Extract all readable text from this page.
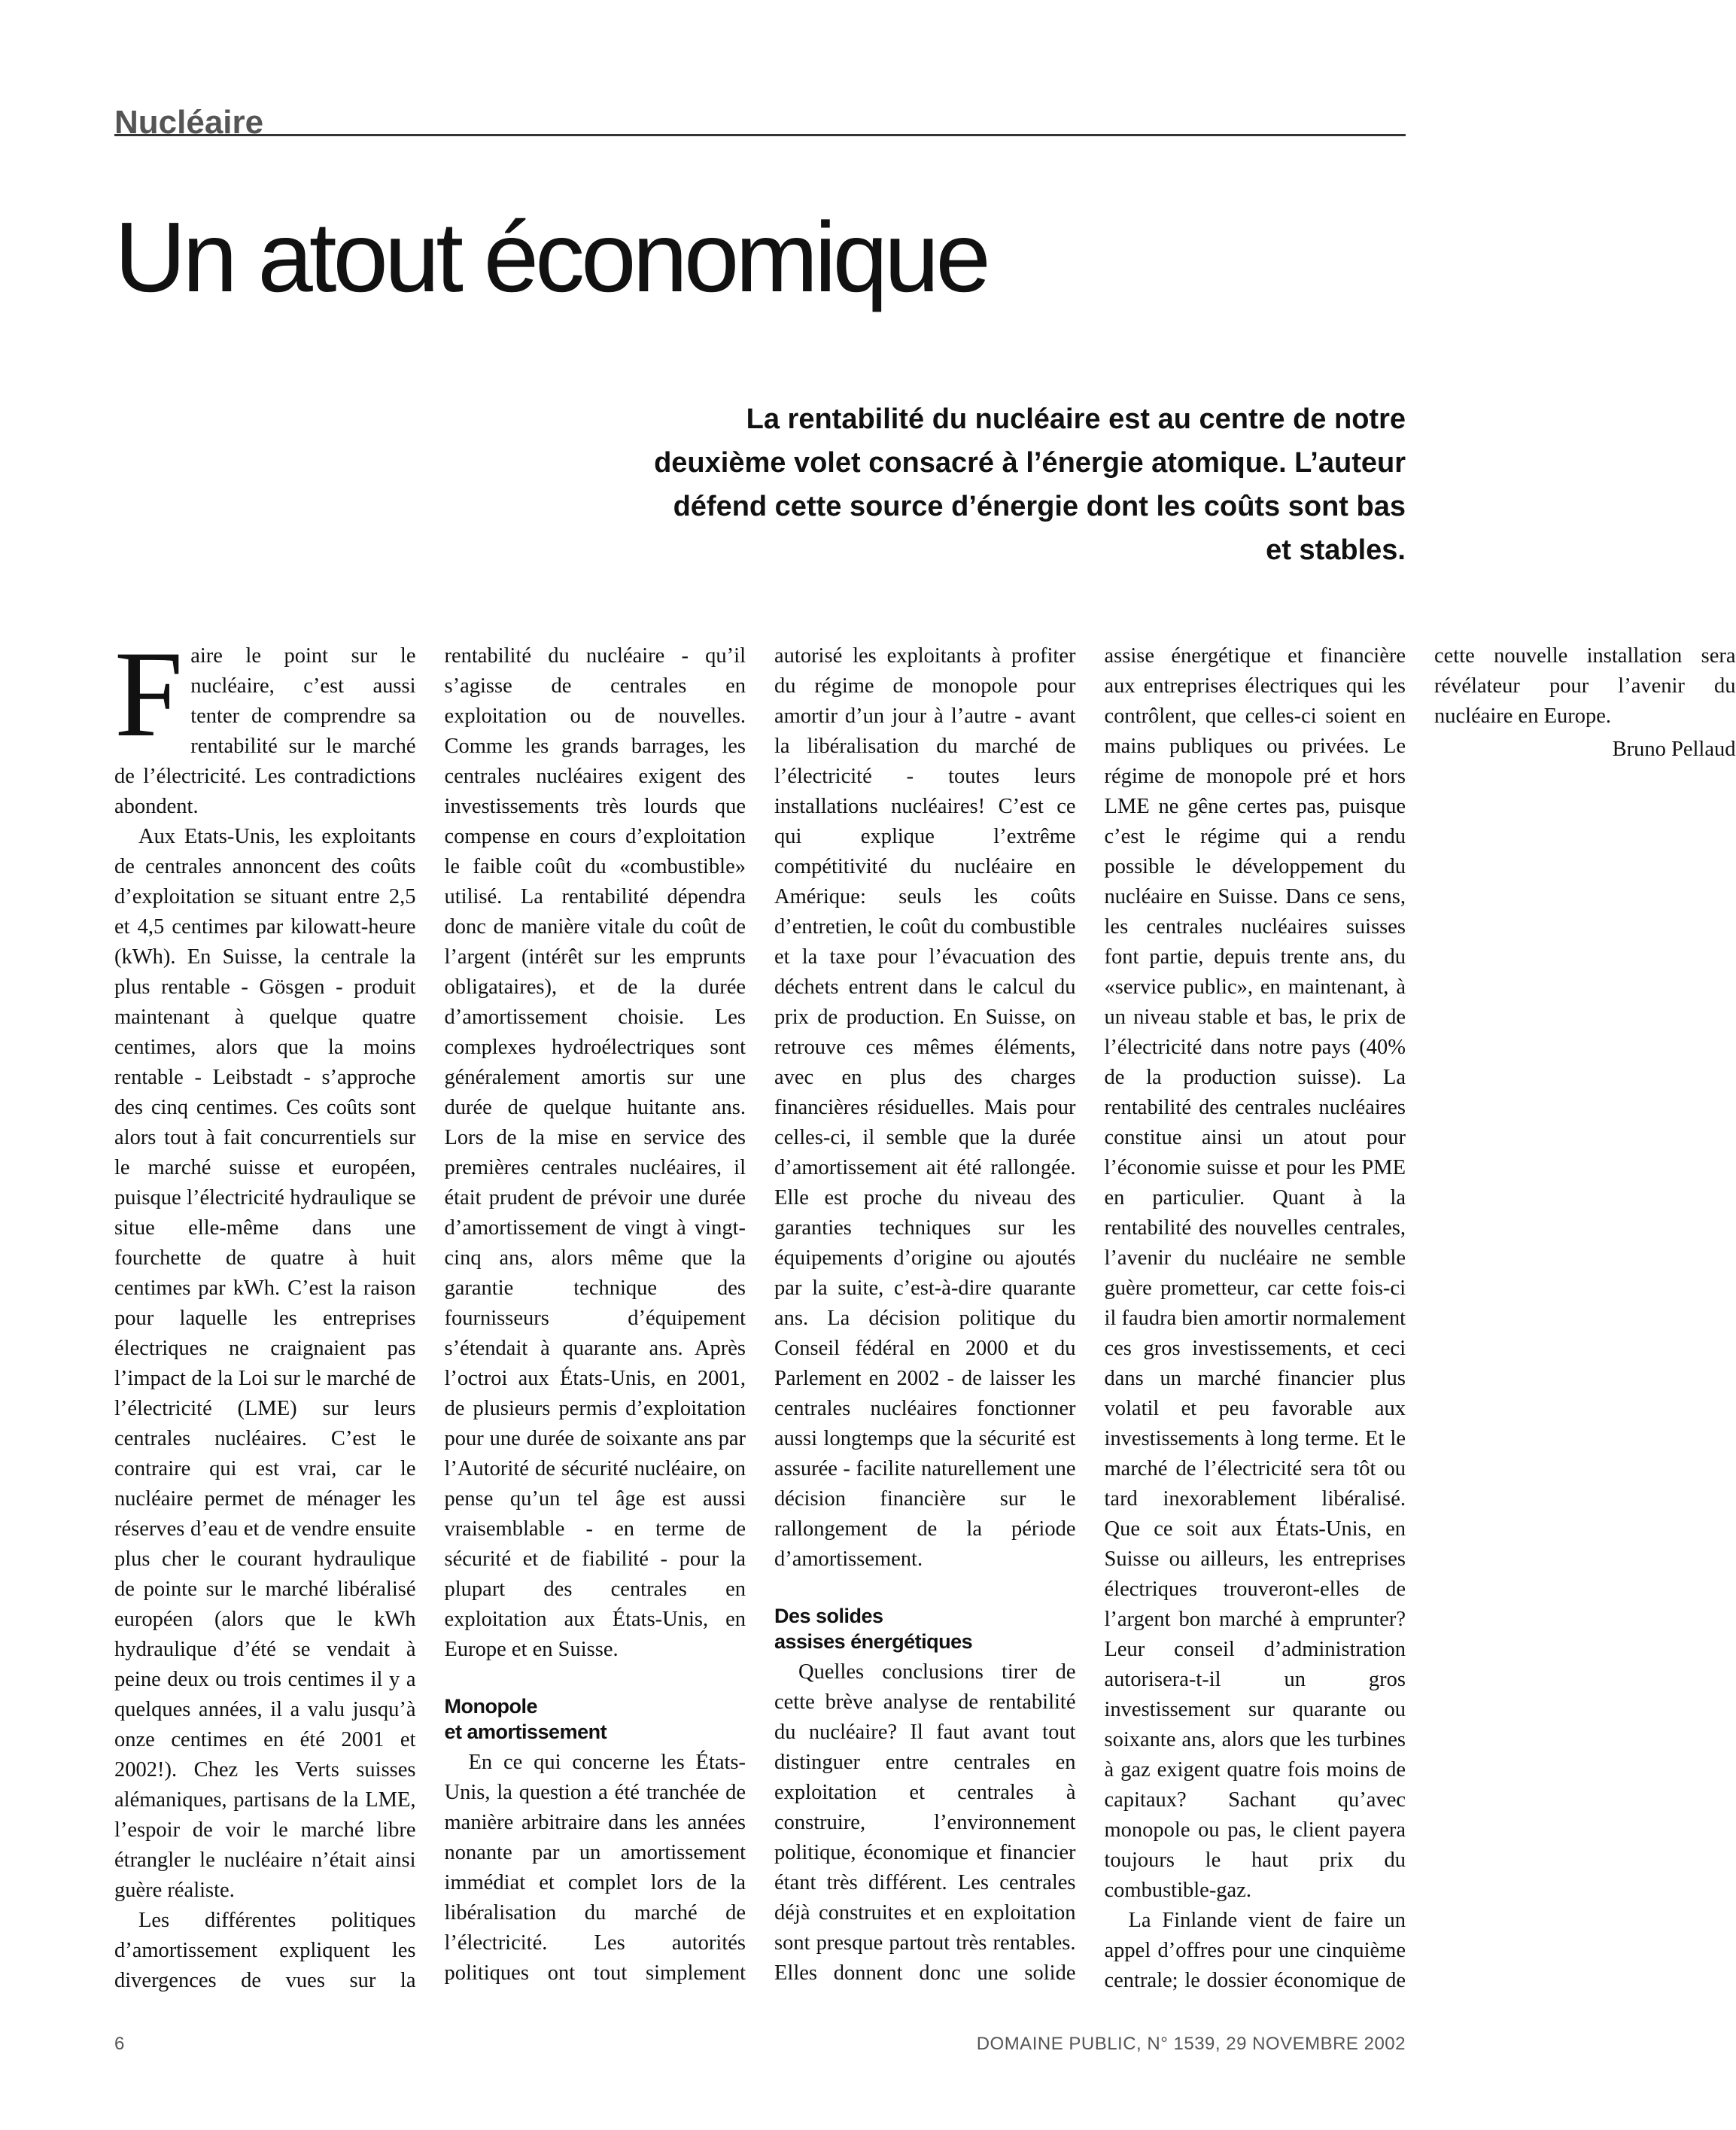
Nucléaire
Un atout économique

La rentabilité du nucléaire est au centre de notre deuxième volet consacré à l’énergie atomique. L’auteur défend cette source d’énergie dont les coûts sont bas et stables.

Faire le point sur le nucléaire, c’est aussi tenter de comprendre sa rentabilité sur le marché de l’électricité. Les contradictions abondent.

Aux Etats-Unis, les exploitants de centrales annoncent des coûts d’exploitation se situant entre 2,5 et 4,5 centimes par kilowatt-heure (kWh). En Suisse, la centrale la plus rentable - Gösgen - produit maintenant à quelque quatre centimes, alors que la moins rentable - Leibstadt - s’approche des cinq centimes. Ces coûts sont alors tout à fait concurrentiels sur le marché suisse et européen, puisque l’électricité hydraulique se situe elle-même dans une fourchette de quatre à huit centimes par kWh. C’est la raison pour laquelle les entreprises électriques ne craignaient pas l’impact de la Loi sur le marché de l’électricité (LME) sur leurs centrales nucléaires. C’est le contraire qui est vrai, car le nucléaire permet de ménager les réserves d’eau et de vendre ensuite plus cher le courant hydraulique de pointe sur le marché libéralisé européen (alors que le kWh hydraulique d’été se vendait à peine deux ou trois centimes il y a quelques années, il a valu jusqu’à onze centimes en été 2001 et 2002!). Chez les Verts suisses alémaniques, partisans de la LME, l’espoir de voir le marché libre étrangler le nucléaire n’était ainsi guère réaliste.

Les différentes politiques d’amortissement expliquent les divergences de vues sur la rentabilité du nucléaire - qu’il s’agisse de centrales en exploitation ou de nouvelles. Comme les grands barrages, les centrales nucléaires exigent des investissements très lourds que compense en cours d’exploitation le faible coût du «combustible» utilisé. La rentabilité dépendra donc de manière vitale du coût de l’argent (intérêt sur les emprunts obligataires), et de la durée d’amortissement choisie. Les complexes hydroélectriques sont généralement amortis sur une durée de quelque huitante ans. Lors de la mise en service des premières centrales nucléaires, il était prudent de prévoir une durée d’amortissement de vingt à vingt-cinq ans, alors même que la garantie technique des fournisseurs d’équipement s’étendait à quarante ans. Après l’octroi aux États-Unis, en 2001, de plusieurs permis d’exploitation pour une durée de soixante ans par l’Autorité de sécurité nucléaire, on pense qu’un tel âge est aussi vraisemblable - en terme de sécurité et de fiabilité - pour la plupart des centrales en exploitation aux États-Unis, en Europe et en Suisse.

Monopole
et amortissement

En ce qui concerne les États-Unis, la question a été tranchée de manière arbitraire dans les années nonante par un amortissement immédiat et complet lors de la libéralisation du marché de l’électricité. Les autorités politiques ont tout simplement autorisé les exploitants à profiter du régime de monopole pour amortir d’un jour à l’autre - avant la libéralisation du marché de l’électricité - toutes leurs installations nucléaires! C’est ce qui explique l’extrême compétitivité du nucléaire en Amérique: seuls les coûts d’entretien, le coût du combustible et la taxe pour l’évacuation des déchets entrent dans le calcul du prix de production. En Suisse, on retrouve ces mêmes éléments, avec en plus des charges financières résiduelles. Mais pour celles-ci, il semble que la durée d’amortissement ait été rallongée. Elle est proche du niveau des garanties techniques sur les équipements d’origine ou ajoutés par la suite, c’est-à-dire quarante ans. La décision politique du Conseil fédéral en 2000 et du Parlement en 2002 - de laisser les centrales nucléaires fonctionner aussi longtemps que la sécurité est assurée - facilite naturellement une décision financière sur le rallongement de la période d’amortissement.

Des solides
assises énergétiques

Quelles conclusions tirer de cette brève analyse de rentabilité du nucléaire? Il faut avant tout distinguer entre centrales en exploitation et centrales à construire, l’environnement politique, économique et financier étant très différent. Les centrales déjà construites et en exploitation sont presque partout très rentables. Elles donnent donc une solide assise énergétique et financière aux entreprises électriques qui les contrôlent, que celles-ci soient en mains publiques ou privées. Le régime de monopole pré et hors LME ne gêne certes pas, puisque c’est le régime qui a rendu possible le développement du nucléaire en Suisse. Dans ce sens, les centrales nucléaires suisses font partie, depuis trente ans, du «service public», en maintenant, à un niveau stable et bas, le prix de l’électricité dans notre pays (40% de la production suisse). La rentabilité des centrales nucléaires constitue ainsi un atout pour l’économie suisse et pour les PME en particulier. Quant à la rentabilité des nouvelles centrales, l’avenir du nucléaire ne semble guère prometteur, car cette fois-ci il faudra bien amortir normalement ces gros investissements, et ceci dans un marché financier plus volatil et peu favorable aux investissements à long terme. Et le marché de l’électricité sera tôt ou tard inexorablement libéralisé. Que ce soit aux États-Unis, en Suisse ou ailleurs, les entreprises électriques trouveront-elles de l’argent bon marché à emprunter? Leur conseil d’administration autorisera-t-il un gros investissement sur quarante ou soixante ans, alors que les turbines à gaz exigent quatre fois moins de capitaux? Sachant qu’avec monopole ou pas, le client payera toujours le haut prix du combustible-gaz.

La Finlande vient de faire un appel d’offres pour une cinquième centrale; le dossier économique de cette nouvelle installation sera révélateur pour l’avenir du nucléaire en Europe.

Bruno Pellaud

6	DOMAINE PUBLIC, N° 1539, 29 NOVEMBRE 2002
